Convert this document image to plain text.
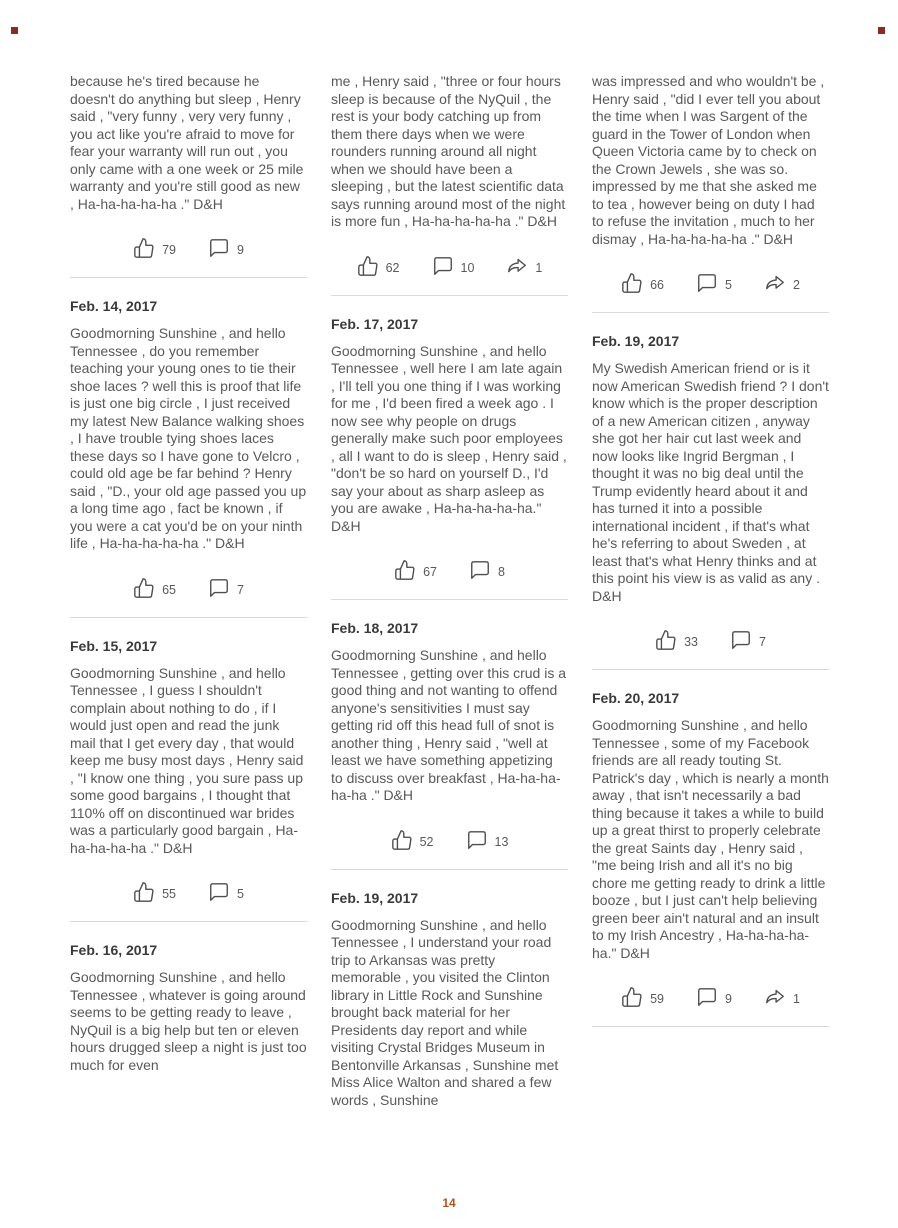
because he's tired because he doesn't do anything but sleep , Henry said , "very funny , very very funny , you act like you're afraid to move for fear your warranty will run out , you only came with a one week or 25 mile warranty and you're still good as new , Ha-ha-ha-ha-ha ." D&H

79	9
Feb. 14, 2017

Goodmorning Sunshine , and hello Tennessee , do you remember teaching your young ones to tie their shoe laces ? well this is proof that life is just one big circle , I just received my latest New Balance walking shoes , I have trouble tying shoes laces these days so I have gone to Velcro , could old age be far behind ? Henry said , "D., your old age passed you up a long time ago , fact be known , if you were a cat you'd be on your ninth life , Ha-ha-ha-ha-ha ." D&H

65	7
Feb. 15, 2017

Goodmorning Sunshine , and hello Tennessee , I guess I shouldn't complain about nothing to do , if I would just open and read the junk mail that I get every day , that would keep me busy most days , Henry said , "I know one thing , you sure pass up some good bargains , I thought that 110% off on discontinued war brides was a particularly good bargain , Ha-ha-ha-ha-ha ." D&H

55	5
Feb. 16, 2017

Goodmorning Sunshine , and hello Tennessee , whatever is going around seems to be getting ready to leave , NyQuil is a big help but ten or eleven hours drugged sleep a night is just too much for even

me , Henry said , "three or four hours sleep is because of the NyQuil , the rest is your body catching up from them there days when we were rounders running around all night when we should have been a sleeping , but the latest scientific data says running around most of the night is more fun , Ha-ha-ha-ha-ha ." D&H

62	10	1
Feb. 17, 2017

Goodmorning Sunshine , and hello Tennessee , well here I am late again , I'll tell you one thing if I was working for me , I'd been fired a week ago . I now see why people on drugs generally make such poor employees , all I want to do is sleep , Henry said , "don't be so hard on yourself D., I'd say your about as sharp asleep as you are awake , Ha-ha-ha-ha-ha." D&H

67	8
Feb. 18, 2017

Goodmorning Sunshine , and hello Tennessee , getting over this crud is a good thing and not wanting to offend anyone's sensitivities I must say getting rid off this head full of snot is another thing , Henry said , "well at least we have something appetizing to discuss over breakfast , Ha-ha-ha-ha-ha ." D&H

52	13
Feb. 19, 2017

Goodmorning Sunshine , and hello Tennessee , I understand your road trip to Arkansas was pretty memorable , you visited the Clinton library in Little Rock and Sunshine brought back material for her Presidents day report and while visiting Crystal Bridges Museum in Bentonville Arkansas , Sunshine met Miss Alice Walton and shared a few words , Sunshine

was impressed and who wouldn't be , Henry said , "did I ever tell you about the time when I was Sargent of the guard in the Tower of London when Queen Victoria came by to check on the Crown Jewels , she was so. impressed by me that she asked me to tea , however being on duty I had to refuse the invitation , much to her dismay , Ha-ha-ha-ha-ha ." D&H

66	5	2
Feb. 19, 2017

My Swedish American friend or is it now American Swedish friend ? I don't know which is the proper description of a new American citizen , anyway she got her hair cut last week and now looks like Ingrid Bergman , I thought it was no big deal until the Trump evidently heard about it and has turned it into a possible international incident , if that's what he's referring to about Sweden , at least that's what Henry thinks and at this point his view is as valid as any . D&H

33	7
Feb. 20, 2017

Goodmorning Sunshine , and hello Tennessee , some of my Facebook friends are all ready touting St. Patrick's day , which is nearly a month away , that isn't necessarily a bad thing because it takes a while to build up a great thirst to properly celebrate the great Saints day , Henry said , "me being Irish and all it's no big chore me getting ready to drink a little booze , but I just can't help believing green beer ain't natural and an insult to my Irish Ancestry , Ha-ha-ha-ha-ha." D&H

59	9	1
14
